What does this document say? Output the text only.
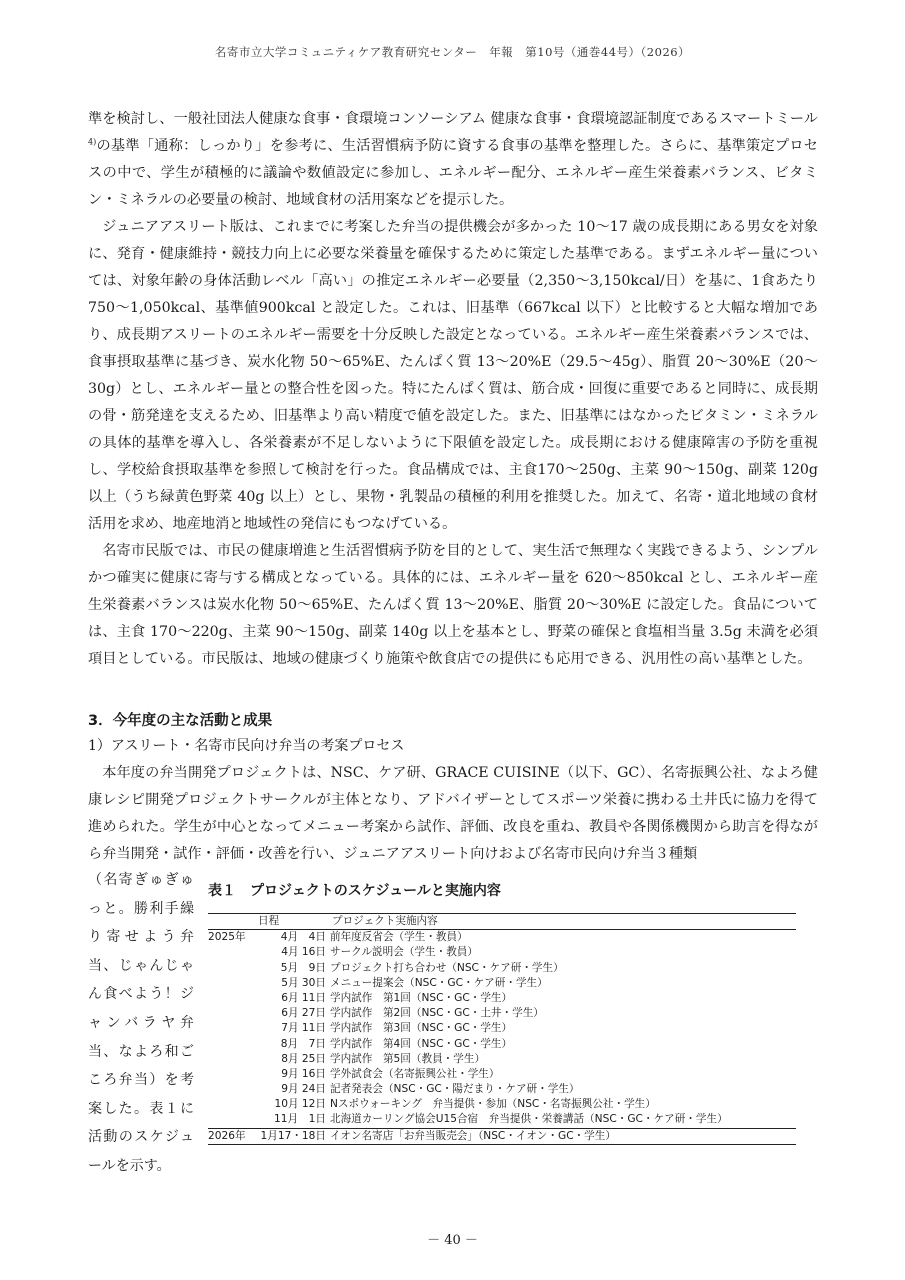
名寄市立大学コミュニティケア教育研究センター　年報　第10号（通巻44号）（2026）

準を検討し、一般社団法人健康な食事・食環境コンソーシアム 健康な食事・食環境認証制度であるスマートミール$^{4)}$の基準「通称：しっかり」を参考に、生活習慣病予防に資する食事の基準を整理した。さらに、基準策定プロセスの中で、学生が積極的に議論や数値設定に参加し、エネルギー配分、エネルギー産生栄養素バランス、ビタミン・ミネラルの必要量の検討、地域食材の活用案などを提示した。

ジュニアアスリート版は、これまでに考案した弁当の提供機会が多かった 10〜17 歳の成長期にある男女を対象に、発育・健康維持・競技力向上に必要な栄養量を確保するために策定した基準である。まずエネルギー量については、対象年齢の身体活動レベル「高い」の推定エネルギー必要量（2,350〜3,150kcal/日）を基に、1食あたり 750〜1,050kcal、基準値900kcal と設定した。これは、旧基準（667kcal 以下）と比較すると大幅な増加であり、成長期アスリートのエネルギー需要を十分反映した設定となっている。エネルギー産生栄養素バランスでは、食事摂取基準に基づき、炭水化物 50〜65%E、たんぱく質 13〜20%E（29.5〜45g）、脂質 20〜30%E（20〜30g）とし、エネルギー量との整合性を図った。特にたんぱく質は、筋合成・回復に重要であると同時に、成長期の骨・筋発達を支えるため、旧基準より高い精度で値を設定した。また、旧基準にはなかったビタミン・ミネラルの具体的基準を導入し、各栄養素が不足しないように下限値を設定した。成長期における健康障害の予防を重視し、学校給食摂取基準を参照して検討を行った。食品構成では、主食170〜250g、主菜 90〜150g、副菜 120g 以上（うち緑黄色野菜 40g 以上）とし、果物・乳製品の積極的利用を推奨した。加えて、名寄・道北地域の食材活用を求め、地産地消と地域性の発信にもつなげている。

名寄市民版では、市民の健康増進と生活習慣病予防を目的として、実生活で無理なく実践できるよう、シンプルかつ確実に健康に寄与する構成となっている。具体的には、エネルギー量を 620〜850kcal とし、エネルギー産生栄養素バランスは炭水化物 50〜65%E、たんぱく質 13〜20%E、脂質 20〜30%E に設定した。食品については、主食 170〜220g、主菜 90〜150g、副菜 140g 以上を基本とし、野菜の確保と食塩相当量 3.5g 未満を必須項目としている。市民版は、地域の健康づくり施策や飲食店での提供にも応用できる、汎用性の高い基準とした。

3．今年度の主な活動と成果
1）アスリート・名寄市民向け弁当の考案プロセス

本年度の弁当開発プロジェクトは、NSC、ケア研、GRACE CUISINE（以下、GC）、名寄振興公社、なよろ健康レシピ開発プロジェクトサークルが主体となり、アドバイザーとしてスポーツ栄養に携わる土井氏に協力を得て進められた。学生が中心となってメニュー考案から試作、評価、改良を重ね、教員や各関係機関から助言を得ながら弁当開発・試作・評価・改善を行い、ジュニアアスリート向けおよび名寄市民向け弁当３種類

（名寄ぎゅぎゅっと。勝利手繰り寄せよう弁当、じゃんじゃん食べよう！ジャンバラヤ弁当、なよろ和ごころ弁当）を考案した。表１に活動のスケジュールを示す。
表１　プロジェクトのスケジュールと実施内容
日程	プロジェクト実施内容
2025年	4月　4日 前年度反省会（学生・教員）
4月 16日 サークル説明会（学生・教員）
5月　9日 プロジェクト打ち合わせ（NSC・ケア研・学生）
5月 30日 メニュー提案会（NSC・GC・ケア研・学生）
6月 11日 学内試作　第1回（NSC・GC・学生）
6月 27日 学内試作　第2回（NSC・GC・土井・学生）
7月 11日 学内試作　第3回（NSC・GC・学生）
8月　7日 学内試作　第4回（NSC・GC・学生）
8月 25日 学内試作　第5回（教員・学生）
9月 16日 学外試食会（名寄振興公社・学生）
9月 24日 記者発表会（NSC・GC・陽だまり・ケア研・学生）
10月 12日 Nスポウォーキング　弁当提供・参加（NSC・名寄振興公社・学生）
11月　1日 北海道カーリング協会U15合宿　弁当提供・栄養講話（NSC・GC・ケア研・学生）
2026年	1月17・18日 イオン名寄店「お弁当販売会」（NSC・イオン・GC・学生）
－ 40 －
